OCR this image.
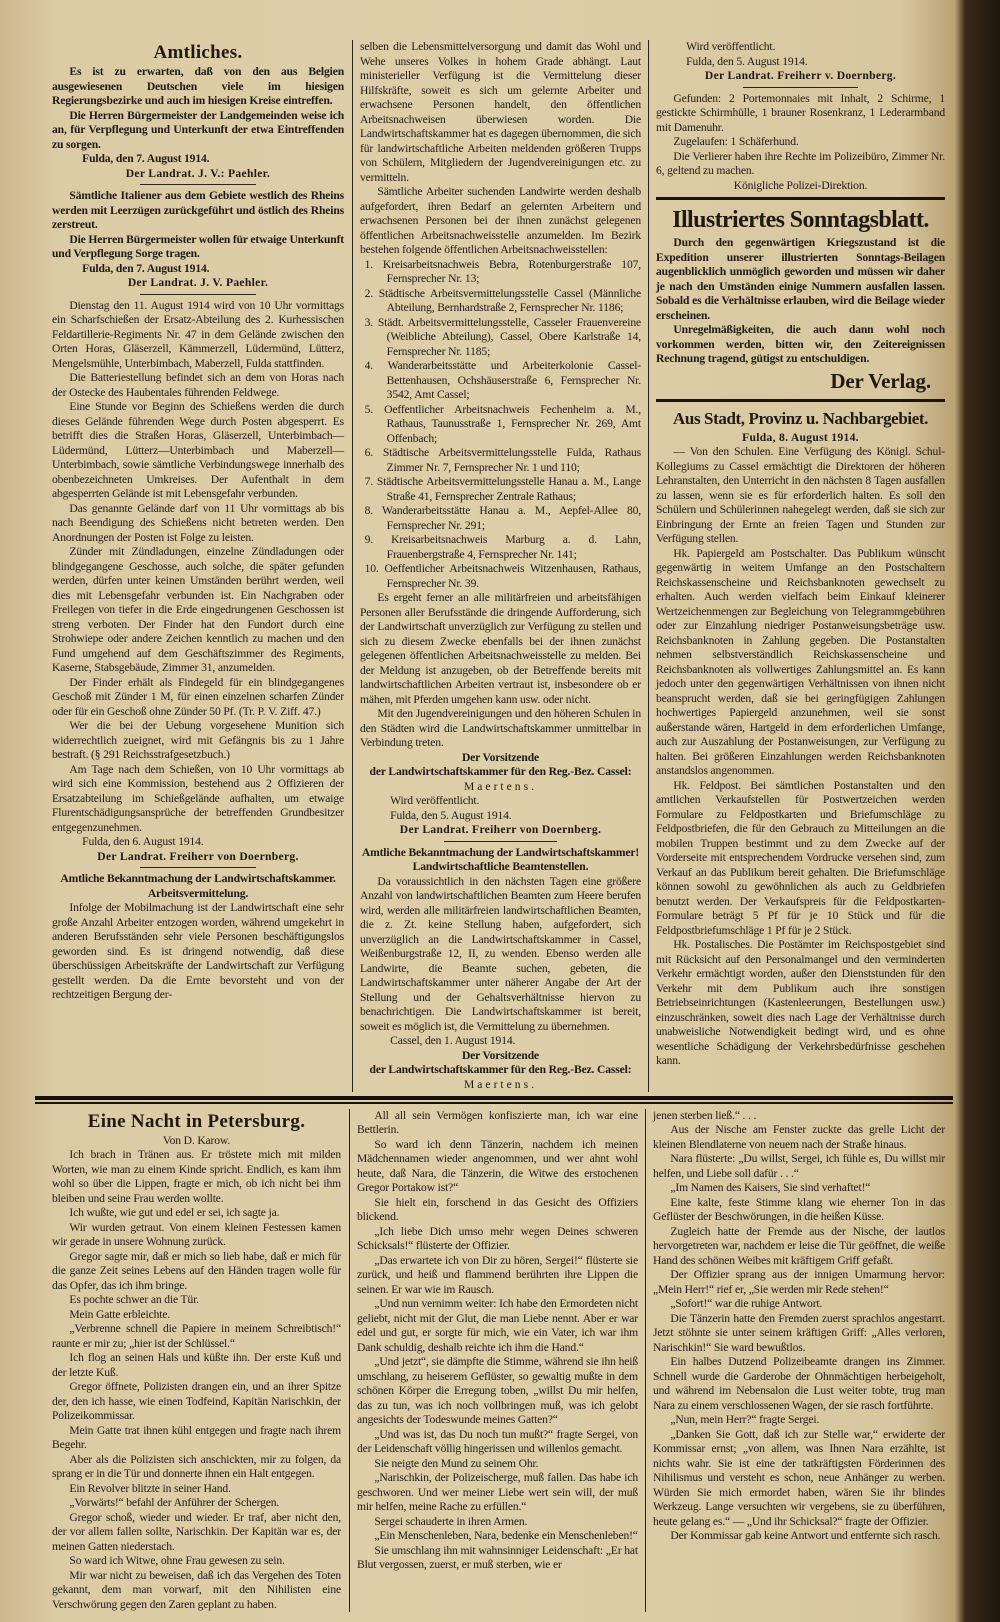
Amtliches.

Es ist zu erwarten, daß von den aus Belgien ausgewiesenen Deutschen viele im hiesigen Regierungsbezirke und auch im hiesigen Kreise eintreffen.

Die Herren Bürgermeister der Landgemeinden weise ich an, für Verpflegung und Unterkunft der etwa Eintreffenden zu sorgen.

Fulda, den 7. August 1914.

Der Landrat. J. V.: Paehler.

Sämtliche Italiener aus dem Gebiete westlich des Rheins werden mit Leerzügen zurückgeführt und östlich des Rheins zerstreut.

Die Herren Bürgermeister wollen für etwaige Unterkunft und Verpflegung Sorge tragen.

Fulda, den 7. August 1914.

Der Landrat. J. V. Paehler.

Dienstag den 11. August 1914 wird von 10 Uhr vormittags ein Scharfschießen der Ersatz-Abteilung des 2. Kurhessischen Feldartillerie-Regiments Nr. 47 in dem Gelände zwischen den Orten Horas, Gläserzell, Kämmerzell, Lüdermünd, Lütterz, Mengelsmühle, Unterbimbach, Maberzell, Fulda stattfinden.

Die Batteriestellung befindet sich an dem von Horas nach der Ostecke des Haubentales führenden Feldwege.

Eine Stunde vor Beginn des Schießens werden die durch dieses Gelände führenden Wege durch Posten abgesperrt. Es betrifft dies die Straßen Horas, Gläserzell, Unterbimbach—Lüdermünd, Lütterz—Unterbimbach und Maberzell—Unterbimbach, sowie sämtliche Verbindungswege innerhalb des obenbezeichneten Umkreises. Der Aufenthalt in dem abgesperrten Gelände ist mit Lebensgefahr verbunden.

Das genannte Gelände darf von 11 Uhr vormittags ab bis nach Beendigung des Schießens nicht betreten werden. Den Anordnungen der Posten ist Folge zu leisten.

Zünder mit Zündladungen, einzelne Zündladungen oder blindgegangene Geschosse, auch solche, die später gefunden werden, dürfen unter keinen Umständen berührt werden, weil dies mit Lebensgefahr verbunden ist. Ein Nachgraben oder Freilegen von tiefer in die Erde eingedrungenen Geschossen ist streng verboten. Der Finder hat den Fundort durch eine Strohwiepe oder andere Zeichen kenntlich zu machen und den Fund umgehend auf dem Geschäftszimmer des Regiments, Kaserne, Stabsgebäude, Zimmer 31, anzumelden.

Der Finder erhält als Findegeld für ein blindgegangenes Geschoß mit Zünder 1 M, für einen einzelnen scharfen Zünder oder für ein Geschoß ohne Zünder 50 Pf. (Tr. P. V. Ziff. 47.)

Wer die bei der Uebung vorgesehene Munition sich widerrechtlich zueignet, wird mit Gefängnis bis zu 1 Jahre bestraft. (§ 291 Reichsstrafgesetzbuch.)

Am Tage nach dem Schießen, von 10 Uhr vormittags ab wird sich eine Kommission, bestehend aus 2 Offizieren der Ersatzabteilung im Schießgelände aufhalten, um etwaige Flurentschädigungsansprüche der betreffenden Grundbesitzer entgegenzunehmen.

Fulda, den 6. August 1914.

Der Landrat. Freiherr von Doernberg.

Amtliche Bekanntmachung der Landwirtschaftskammer.

Arbeitsvermittelung.

Infolge der Mobilmachung ist der Landwirtschaft eine sehr große Anzahl Arbeiter entzogen worden, während umgekehrt in anderen Berufsständen sehr viele Personen beschäftigungslos geworden sind. Es ist dringend notwendig, daß diese überschüssigen Arbeitskräfte der Landwirtschaft zur Verfügung gestellt werden. Da die Ernte bevorsteht und von der rechtzeitigen Bergung der-

selben die Lebensmittelversorgung und damit das Wohl und Wehe unseres Volkes in hohem Grade abhängt. Laut ministerieller Verfügung ist die Vermittelung dieser Hilfskräfte, soweit es sich um gelernte Arbeiter und erwachsene Personen handelt, den öffentlichen Arbeitsnachweisen überwiesen worden. Die Landwirtschaftskammer hat es dagegen übernommen, die sich für landwirtschaftliche Arbeiten meldenden größeren Trupps von Schülern, Mitgliedern der Jugendvereinigungen etc. zu vermitteln.

Sämtliche Arbeiter suchenden Landwirte werden deshalb aufgefordert, ihren Bedarf an gelernten Arbeitern und erwachsenen Personen bei der ihnen zunächst gelegenen öffentlichen Arbeitsnachweisstelle anzumelden. Im Bezirk bestehen folgende öffentlichen Arbeitsnachweisstellen:

1. Kreisarbeitsnachweis Bebra, Rotenburgerstraße 107, Fernsprecher Nr. 13;

2. Städtische Arbeitsvermittelungsstelle Cassel (Männliche Abteilung, Bernhardstraße 2, Fernsprecher Nr. 1186;

3. Städt. Arbeitsvermittelungsstelle, Casseler Frauenvereine (Weibliche Abteilung), Cassel, Obere Karlstraße 14, Fernsprecher Nr. 1185;

4. Wanderarbeitsstätte und Arbeiterkolonie Cassel-Bettenhausen, Ochshäuserstraße 6, Fernsprecher Nr. 3542, Amt Cassel;

5. Oeffentlicher Arbeitsnachweis Fechenheim a. M., Rathaus, Taunusstraße 1, Fernsprecher Nr. 269, Amt Offenbach;

6. Städtische Arbeitsvermittelungsstelle Fulda, Rathaus Zimmer Nr. 7, Fernsprecher Nr. 1 und 110;

7. Städtische Arbeitsvermittelungsstelle Hanau a. M., Lange Straße 41, Fernsprecher Zentrale Rathaus;

8. Wanderarbeitsstätte Hanau a. M., Aepfel-Allee 80, Fernsprecher Nr. 291;

9. Kreisarbeitsnachweis Marburg a. d. Lahn, Frauenbergstraße 4, Fernsprecher Nr. 141;

10. Oeffentlicher Arbeitsnachweis Witzenhausen, Rathaus, Fernsprecher Nr. 39.

Es ergeht ferner an alle militärfreien und arbeitsfähigen Personen aller Berufsstände die dringende Aufforderung, sich der Landwirtschaft unverzüglich zur Verfügung zu stellen und sich zu diesem Zwecke ebenfalls bei der ihnen zunächst gelegenen öffentlichen Arbeitsnachweisstelle zu melden. Bei der Meldung ist anzugeben, ob der Betreffende bereits mit landwirtschaftlichen Arbeiten vertraut ist, insbesondere ob er mähen, mit Pferden umgehen kann usw. oder nicht.

Mit den Jugendvereinigungen und den höheren Schulen in den Städten wird die Landwirtschaftskammer unmittelbar in Verbindung treten.

Der Vorsitzende

der Landwirtschaftskammer für den Reg.-Bez. Cassel:

Maertens.

Wird veröffentlicht.

Fulda, den 5. August 1914.

Der Landrat. Freiherr von Doernberg.

Amtliche Bekanntmachung der Landwirtschaftskammer!

Landwirtschaftliche Beamtenstellen.

Da voraussichtlich in den nächsten Tagen eine größere Anzahl von landwirtschaftlichen Beamten zum Heere berufen wird, werden alle militärfreien landwirtschaftlichen Beamten, die z. Zt. keine Stellung haben, aufgefordert, sich unverzüglich an die Landwirtschaftskammer in Cassel, Weißenburgstraße 12, II, zu wenden. Ebenso werden alle Landwirte, die Beamte suchen, gebeten, die Landwirtschaftskammer unter näherer Angabe der Art der Stellung und der Gehaltsverhältnisse hiervon zu benachrichtigen. Die Landwirtschaftskammer ist bereit, soweit es möglich ist, die Vermittelung zu übernehmen.

Cassel, den 1. August 1914.

Der Vorsitzende

der Landwirtschaftskammer für den Reg.-Bez. Cassel:

Maertens.

Wird veröffentlicht.

Fulda, den 5. August 1914.

Der Landrat. Freiherr v. Doernberg.

Gefunden: 2 Portemonnaies mit Inhalt, 2 Schirme, 1 gestickte Schirmhülle, 1 brauner Rosenkranz, 1 Lederarmband mit Damenuhr.

Zugelaufen: 1 Schäferhund.

Die Verlierer haben ihre Rechte im Polizeibüro, Zimmer Nr. 6, geltend zu machen.

Königliche Polizei-Direktion.

Illustriertes Sonntagsblatt.

Durch den gegenwärtigen Kriegszustand ist die Expedition unserer illustrierten Sonntags-Beilagen augenblicklich unmöglich geworden und müssen wir daher je nach den Umständen einige Nummern ausfallen lassen. Sobald es die Verhältnisse erlauben, wird die Beilage wieder erscheinen.

Unregelmäßigkeiten, die auch dann wohl noch vorkommen werden, bitten wir, den Zeitereignissen Rechnung tragend, gütigst zu entschuldigen.

Der Verlag.

Aus Stadt, Provinz u. Nachbargebiet.

Fulda, 8. August 1914.

— Von den Schulen. Eine Verfügung des Königl. Schul-Kollegiums zu Cassel ermächtigt die Direktoren der höheren Lehranstalten, den Unterricht in den nächsten 8 Tagen ausfallen zu lassen, wenn sie es für erforderlich halten. Es soll den Schülern und Schülerinnen nahegelegt werden, daß sie sich zur Einbringung der Ernte an freien Tagen und Stunden zur Verfügung stellen.

Hk. Papiergeld am Postschalter. Das Publikum wünscht gegenwärtig in weitem Umfange an den Postschaltern Reichskassenscheine und Reichsbanknoten gewechselt zu erhalten. Auch werden vielfach beim Einkauf kleinerer Wertzeichenmengen zur Begleichung von Telegrammgebühren oder zur Einzahlung niedriger Postanweisungsbeträge usw. Reichsbanknoten in Zahlung gegeben. Die Postanstalten nehmen selbstverständlich Reichskassenscheine und Reichsbanknoten als vollwertiges Zahlungsmittel an. Es kann jedoch unter den gegenwärtigen Verhältnissen von ihnen nicht beansprucht werden, daß sie bei geringfügigen Zahlungen hochwertiges Papiergeld anzunehmen, weil sie sonst außerstande wären, Hartgeld in dem erforderlichen Umfange, auch zur Auszahlung der Postanweisungen, zur Verfügung zu halten. Bei größeren Einzahlungen werden Reichsbanknoten anstandslos angenommen.

Hk. Feldpost. Bei sämtlichen Postanstalten und den amtlichen Verkaufstellen für Postwertzeichen werden Formulare zu Feldpostkarten und Briefumschläge zu Feldpostbriefen, die für den Gebrauch zu Mitteilungen an die mobilen Truppen bestimmt und zu dem Zwecke auf der Vorderseite mit entsprechendem Vordrucke versehen sind, zum Verkauf an das Publikum bereit gehalten. Die Briefumschläge können sowohl zu gewöhnlichen als auch zu Geldbriefen benutzt werden. Der Verkaufspreis für die Feldpostkarten-Formulare beträgt 5 Pf für je 10 Stück und für die Feldpostbriefumschläge 1 Pf für je 2 Stück.

Hk. Postalisches. Die Postämter im Reichspostgebiet sind mit Rücksicht auf den Personalmangel und den verminderten Verkehr ermächtigt worden, außer den Dienststunden für den Verkehr mit dem Publikum auch ihre sonstigen Betriebseinrichtungen (Kastenleerungen, Bestellungen usw.) einzuschränken, soweit dies nach Lage der Verhältnisse durch unabweisliche Notwendigkeit bedingt wird, und es ohne wesentliche Schädigung der Verkehrsbedürfnisse geschehen kann.

Eine Nacht in Petersburg.

Von D. Karow.

Ich brach in Tränen aus. Er tröstete mich mit milden Worten, wie man zu einem Kinde spricht. Endlich, es kam ihm wohl so über die Lippen, fragte er mich, ob ich nicht bei ihm bleiben und seine Frau werden wollte.

Ich wußte, wie gut und edel er sei, ich sagte ja.

Wir wurden getraut. Von einem kleinen Festessen kamen wir gerade in unsere Wohnung zurück.

Gregor sagte mir, daß er mich so lieb habe, daß er mich für die ganze Zeit seines Lebens auf den Händen tragen wolle für das Opfer, das ich ihm bringe.

Es pochte schwer an die Tür.

Mein Gatte erbleichte.

„Verbrenne schnell die Papiere in meinem Schreibtisch!“ raunte er mir zu; „hier ist der Schlüssel.“

Ich flog an seinen Hals und küßte ihn. Der erste Kuß und der letzte Kuß.

Gregor öffnete, Polizisten drangen ein, und an ihrer Spitze der, den ich hasse, wie einen Todfeind, Kapitän Narischkin, der Polizeikommissar.

Mein Gatte trat ihnen kühl entgegen und fragte nach ihrem Begehr.

Aber als die Polizisten sich anschickten, mir zu folgen, da sprang er in die Tür und donnerte ihnen ein Halt entgegen.

Ein Revolver blitzte in seiner Hand.

„Vorwärts!“ befahl der Anführer der Schergen.

Gregor schoß, wieder und wieder. Er traf, aber nicht den, der vor allem fallen sollte, Narischkin. Der Kapitän war es, der meinen Gatten niederstach.

So ward ich Witwe, ohne Frau gewesen zu sein.

Mir war nicht zu beweisen, daß ich das Vergehen des Toten gekannt, dem man vorwarf, mit den Nihilisten eine Verschwörung gegen den Zaren geplant zu haben.

All all sein Vermögen konfiszierte man, ich war eine Bettlerin.

So ward ich denn Tänzerin, nachdem ich meinen Mädchennamen wieder angenommen, und wer ahnt wohl heute, daß Nara, die Tänzerin, die Witwe des erstochenen Gregor Portakow ist?“

Sie hielt ein, forschend in das Gesicht des Offiziers blickend.

„Ich liebe Dich umso mehr wegen Deines schweren Schicksals!“ flüsterte der Offizier.

„Das erwartete ich von Dir zu hören, Sergei!“ flüsterte sie zurück, und heiß und flammend berührten ihre Lippen die seinen. Er war wie im Rausch.

„Und nun vernimm weiter: Ich habe den Ermordeten nicht geliebt, nicht mit der Glut, die man Liebe nennt. Aber er war edel und gut, er sorgte für mich, wie ein Vater, ich war ihm Dank schuldig, deshalb reichte ich ihm die Hand.“

„Und jetzt“, sie dämpfte die Stimme, während sie ihn heiß umschlang, zu heiserem Geflüster, so gewaltig mußte in dem schönen Körper die Erregung toben, „willst Du mir helfen, das zu tun, was ich noch vollbringen muß, was ich gelobt angesichts der Todeswunde meines Gatten?“

„Und was ist, das Du noch tun mußt?“ fragte Sergei, von der Leidenschaft völlig hingerissen und willenlos gemacht.

Sie neigte den Mund zu seinem Ohr.

„Narischkin, der Polizeischerge, muß fallen. Das habe ich geschworen. Und wer meiner Liebe wert sein will, der muß mir helfen, meine Rache zu erfüllen.“

Sergei schauderte in ihren Armen.

„Ein Menschenleben, Nara, bedenke ein Menschenleben!“

Sie umschlang ihn mit wahnsinniger Leidenschaft: „Er hat Blut vergossen, zuerst, er muß sterben, wie er

jenen sterben ließ.“ . . .

Aus der Nische am Fenster zuckte das grelle Licht der kleinen Blendlaterne von neuem nach der Straße hinaus.

Nara flüsterte: „Du willst, Sergei, ich fühle es, Du willst mir helfen, und Liebe soll dafür . . .“

„Im Namen des Kaisers, Sie sind verhaftet!“

Eine kalte, feste Stimme klang wie eherner Ton in das Geflüster der Beschwörungen, in die heißen Küsse.

Zugleich hatte der Fremde aus der Nische, der lautlos hervorgetreten war, nachdem er leise die Tür geöffnet, die weiße Hand des schönen Weibes mit kräftigem Griff gefaßt.

Der Offizier sprang aus der innigen Umarmung hervor: „Mein Herr!“ rief er, „Sie werden mir Rede stehen!“

„Sofort!“ war die ruhige Antwort.

Die Tänzerin hatte den Fremden zuerst sprachlos angestarrt. Jetzt stöhnte sie unter seinem kräftigen Griff: „Alles verloren, Narischkin!“ Sie ward bewußtlos.

Ein halbes Dutzend Polizeibeamte drangen ins Zimmer. Schnell wurde die Garderobe der Ohnmächtigen herbeigeholt, und während im Nebensalon die Lust weiter tobte, trug man Nara zu einem verschlossenen Wagen, der sie rasch fortführte.

„Nun, mein Herr?“ fragte Sergei.

„Danken Sie Gott, daß ich zur Stelle war,“ erwiderte der Kommissar ernst; „von allem, was Ihnen Nara erzählte, ist nichts wahr. Sie ist eine der tatkräftigsten Förderinnen des Nihilismus und versteht es schon, neue Anhänger zu werben. Würden Sie mich ermordet haben, wären Sie ihr blindes Werkzeug. Lange versuchten wir vergebens, sie zu überführen, heute gelang es.“ — „Und ihr Schicksal?“ fragte der Offizier.

Der Kommissar gab keine Antwort und entfernte sich rasch.
